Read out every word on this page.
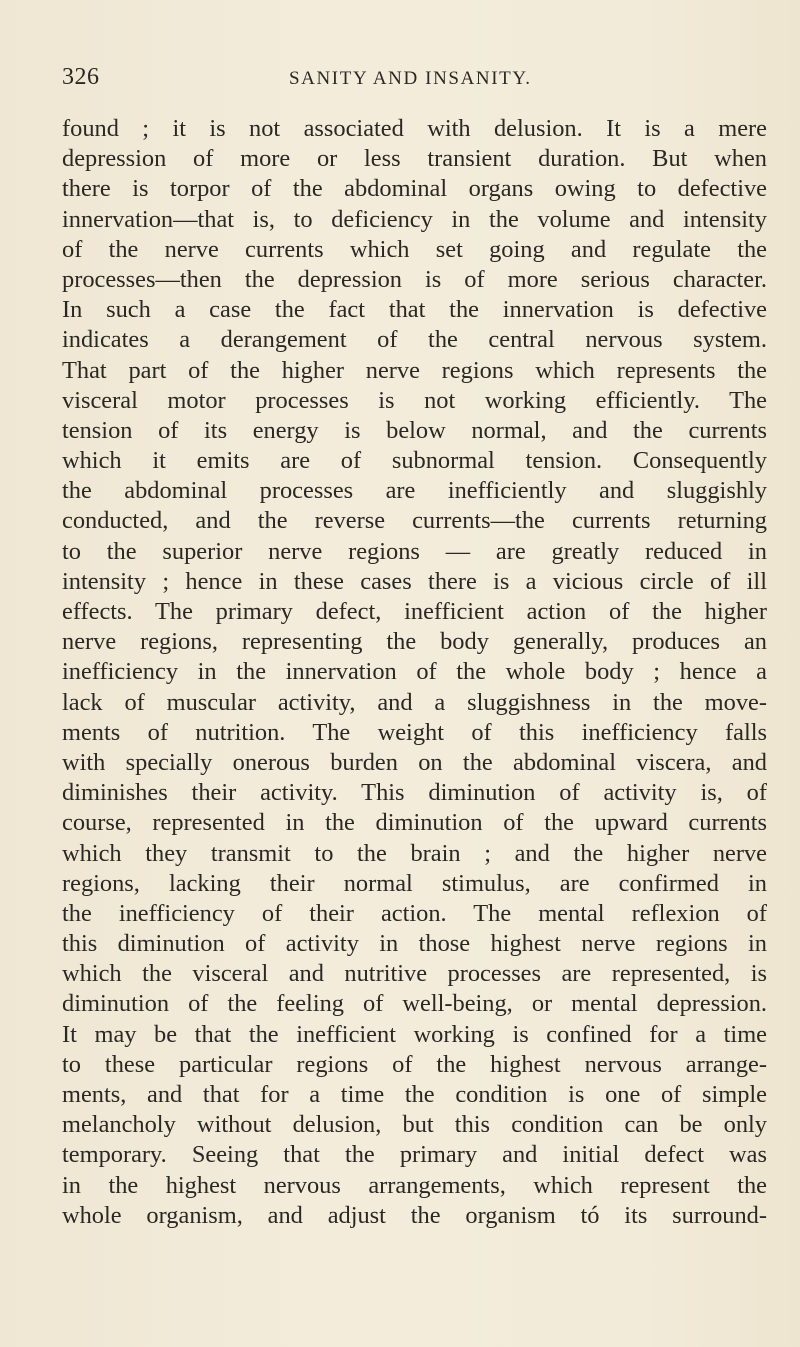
326	SANITY AND INSANITY.
found ; it is not associated with delusion. It is a mere
depression of more or less transient duration. But when
there is torpor of the abdominal organs owing to defective
innervation—that is, to deficiency in the volume and intensity
of the nerve currents which set going and regulate the
processes—then the depression is of more serious character.
In such a case the fact that the innervation is defective
indicates a derangement of the central nervous system.
That part of the higher nerve regions which represents the
visceral motor processes is not working efficiently. The
tension of its energy is below normal, and the currents
which it emits are of subnormal tension. Consequently
the abdominal processes are inefficiently and sluggishly
conducted, and the reverse currents—the currents returning
to the superior nerve regions — are greatly reduced in
intensity ; hence in these cases there is a vicious circle of ill
effects. The primary defect, inefficient action of the higher
nerve regions, representing the body generally, produces an
inefficiency in the innervation of the whole body ; hence a
lack of muscular activity, and a sluggishness in the move-
ments of nutrition. The weight of this inefficiency falls
with specially onerous burden on the abdominal viscera, and
diminishes their activity. This diminution of activity is, of
course, represented in the diminution of the upward currents
which they transmit to the brain ; and the higher nerve
regions, lacking their normal stimulus, are confirmed in
the inefficiency of their action. The mental reflexion of
this diminution of activity in those highest nerve regions in
which the visceral and nutritive processes are represented, is
diminution of the feeling of well-being, or mental depression.
It may be that the inefficient working is confined for a time
to these particular regions of the highest nervous arrange-
ments, and that for a time the condition is one of simple
melancholy without delusion, but this condition can be only
temporary. Seeing that the primary and initial defect was
in the highest nervous arrangements, which represent the
whole organism, and adjust the organism tó its surround-
